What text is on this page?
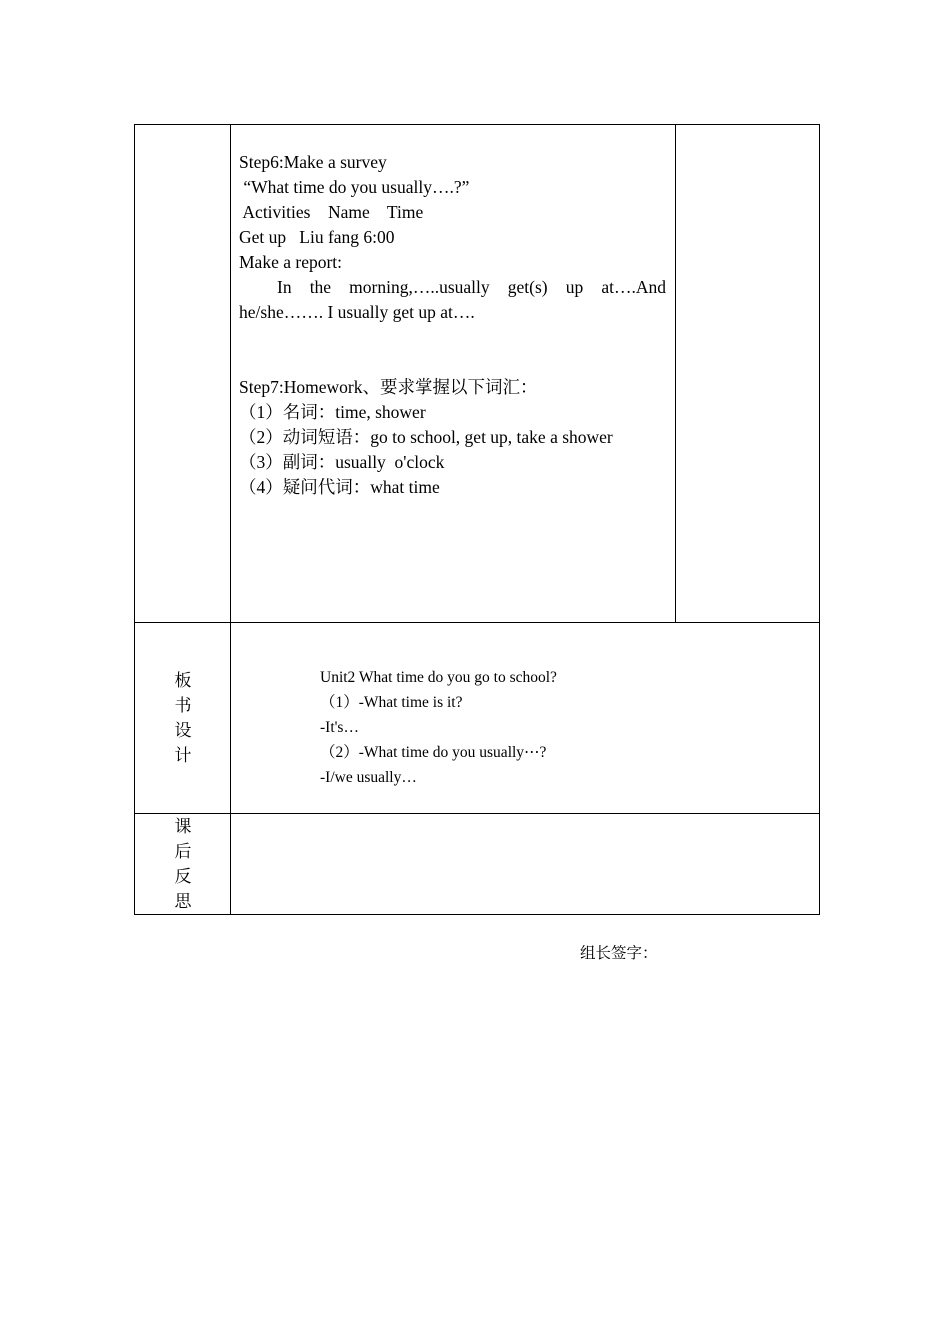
Step6:Make a survey
“What time do you usually….?”
Activities    Name    Time
Get up   Liu fang 6:00
Make a report:
In the morning,…..usually get(s) up at….And he/she……. I usually get up at….
Step7:Homework、要求掌握以下词汇：
（1）名词：time, shower
（2）动词短语：go to school, get up, take a shower
（3）副词：usually  o'clock
（4）疑问代词：what time
板
书
设
计
Unit2 What time do you go to school?
（1）-What time is it?
-It's…
（2）-What time do you usually⋯?
-I/we usually…
课
后
反
思
组长签字：
